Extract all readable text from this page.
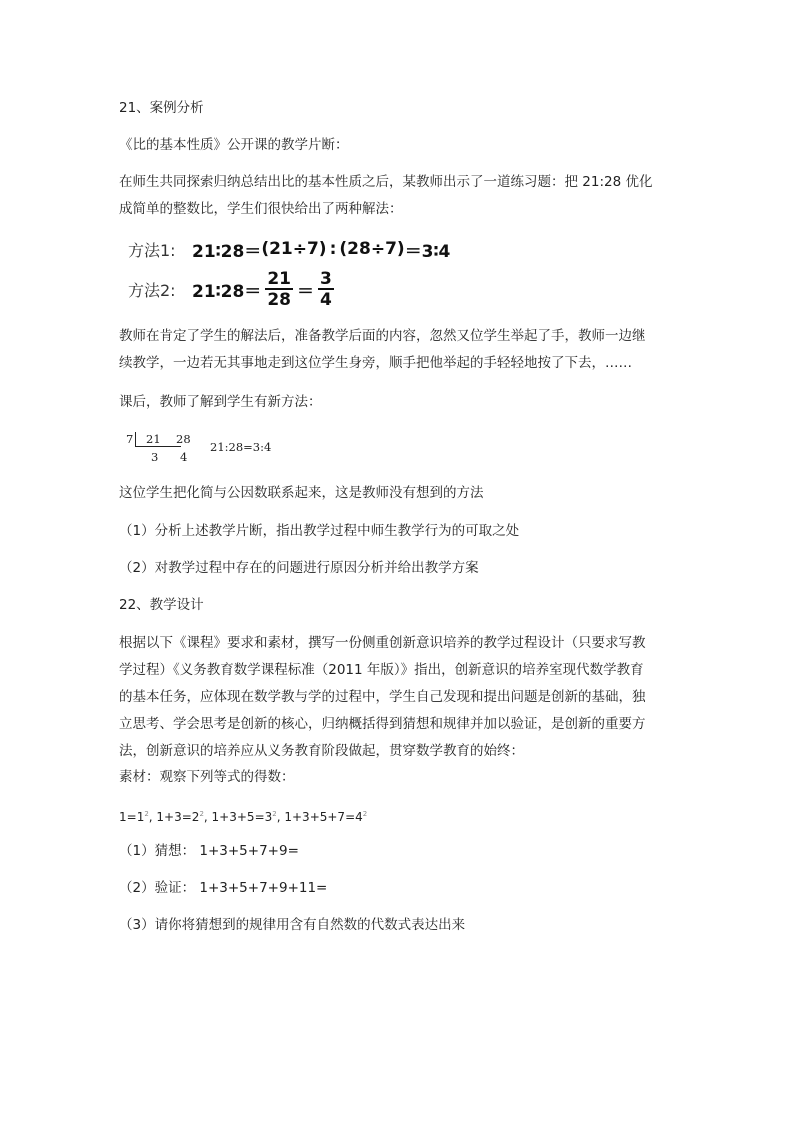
21、案例分析

《比的基本性质》公开课的教学片断：

在师生共同探索归纳总结出比的基本性质之后，某教师出示了一道练习题：把 21:28 优化

成简单的整数比，学生们很快给出了两种解法：

方法1: 21∶28＝ (21÷7) : (28÷7) ＝3∶4
方法2: 21∶28＝ $\frac{21}{28} = \frac{3}{4}$

教师在肯定了学生的解法后，准备教学后面的内容，忽然又位学生举起了手，教师一边继

续教学，一边若无其事地走到这位学生身旁，顺手把他举起的手轻轻地按了下去，……

课后，教师了解到学生有新方法：

7 21 28
3 4
21:28=3:4

这位学生把化简与公因数联系起来，这是教师没有想到的方法

（1）分析上述教学片断，指出教学过程中师生教学行为的可取之处

（2）对教学过程中存在的问题进行原因分析并给出教学方案

22、教学设计

根据以下《课程》要求和素材，撰写一份侧重创新意识培养的教学过程设计（只要求写教

学过程）《义务教育数学课程标准（2011 年版）》指出，创新意识的培养室现代数学教育

的基本任务，应体现在数学教与学的过程中，学生自己发现和提出问题是创新的基础，独

立思考、学会思考是创新的核心，归纳概括得到猜想和规律并加以验证，是创新的重要方

法，创新意识的培养应从义务教育阶段做起，贯穿数学教育的始终：

素材：观察下列等式的得数：

$1=1^2$, $1+3=2^2$, $1+3+5=3^2$, $1+3+5+7=4^2$

（1）猜想： 1+3+5+7+9=

（2）验证： 1+3+5+7+9+11=

（3）请你将猜想到的规律用含有自然数的代数式表达出来
